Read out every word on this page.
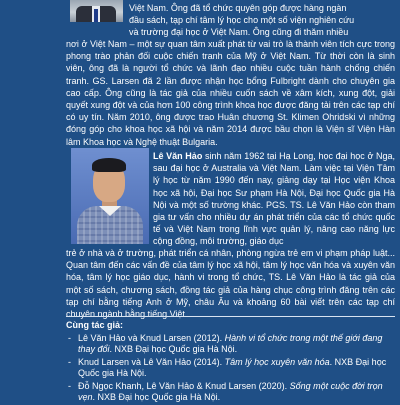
Việt Nam. Ông đã tổ chức quyên góp được hàng ngàn
đầu sách, tạp chí tâm lý học cho một số viện nghiên cứu
và trường đại học ở Việt Nam. Ông cũng đi thăm nhiều
nơi ở Việt Nam – một sự quan tâm xuất phát từ vai trò là thành viên tích cực trong phong trào phản đối cuộc chiến tranh của Mỹ ở Việt Nam. Từ thời còn là sinh viên, ông đã là người tổ chức và lãnh đạo nhiều cuộc tuần hành chống chiến tranh. GS. Larsen đã 2 lần được nhận học bổng Fulbright dành cho chuyên gia cao cấp. Ông cũng là tác giả của nhiều cuốn sách về xâm kích, xung đột, giải quyết xung đột và của hơn 100 công trình khoa học được đăng tải trên các tạp chí có uy tín. Năm 2010, ông được trao Huân chương St. Klimen Ohridski vì những đóng góp cho khoa học xã hội và năm 2014 được bầu chọn là Viện sĩ Viện Hàn lâm Khoa học và Nghệ thuật Bulgaria.
Lê Văn Hảo sinh năm 1962 tại Hạ Long, học đại học ở Nga, sau đại học ở Australia và Việt Nam. Làm việc tại Viện Tâm lý học từ năm 1990 đến nay, giảng dạy tại Học viện Khoa học xã hội, Đại học Sư phạm Hà Nội, Đại học Quốc gia Hà Nội và một số trường khác. PGS. TS. Lê Văn Hảo còn tham gia tư vấn cho nhiều dự án phát triển của các tổ chức quốc tế và Việt Nam trong lĩnh vực quản lý, nâng cao năng lực cộng đồng, môi trường, giáo dục
trẻ ở nhà và ở trường, phát triển cá nhân, phòng ngừa trẻ em vi phạm pháp luật... Quan tâm đến các vấn đề của tâm lý học xã hội, tâm lý học văn hóa và xuyên văn hóa, tâm lý học giáo dục, hành vi trong tổ chức, TS. Lê Văn Hảo là tác giả của một số sách, chương sách, đồng tác giả của hàng chục công trình đăng trên các tạp chí bằng tiếng Anh ở Mỹ, châu Âu và khoảng 60 bài viết trên các tạp chí chuyên ngành bằng tiếng Việt.
Cùng tác giả:
- Lê Văn Hảo và Knud Larsen (2012). Hành vi tổ chức trong một thế giới đang thay đổi. NXB Đại học Quốc gia Hà Nội.
- Knud Larsen và Lê Văn Hảo (2014). Tâm lý học xuyên văn hóa. NXB Đại học Quốc gia Hà Nội.
- Đỗ Ngọc Khanh, Lê Văn Hảo & Knud Larsen (2020). Sống một cuộc đời trọn vẹn. NXB Đại học Quốc gia Hà Nội.
